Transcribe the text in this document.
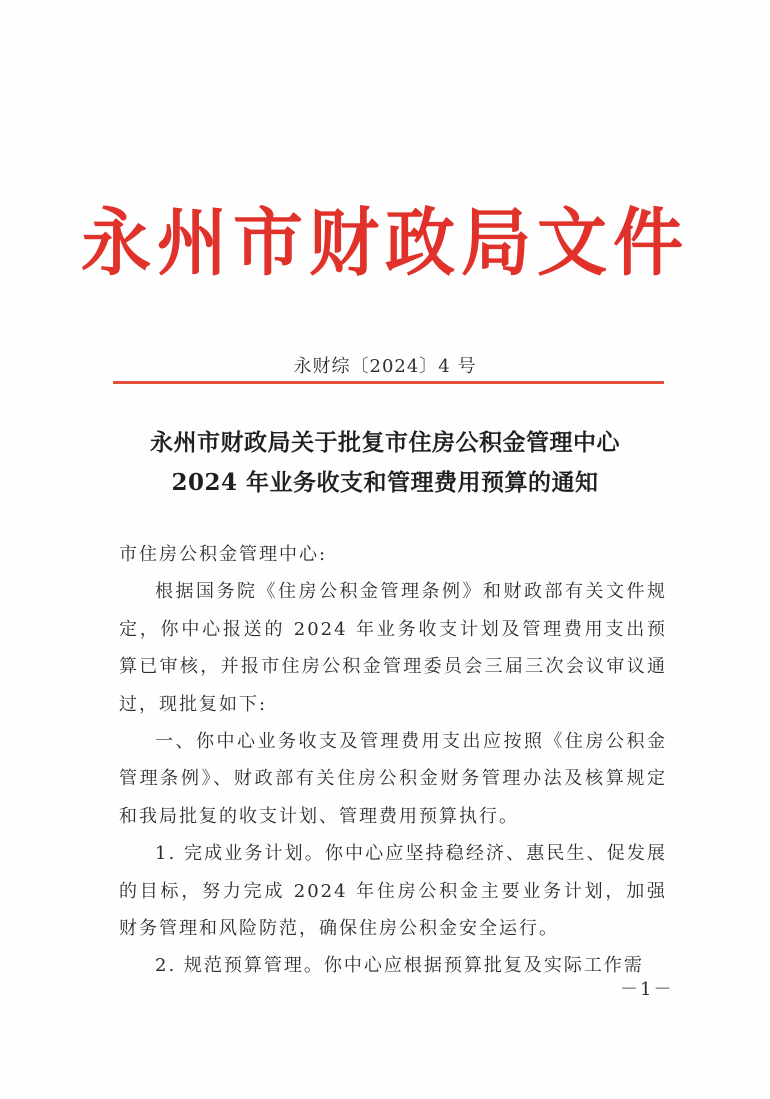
永州市财政局文件
永财综〔2024〕4 号
永州市财政局关于批复市住房公积金管理中心
2024 年业务收支和管理费用预算的通知

市住房公积金管理中心:

根据国务院《住房公积金管理条例》和财政部有关文件规定，你中心报送的 2024 年业务收支计划及管理费用支出预算已审核，并报市住房公积金管理委员会三届三次会议审议通过，现批复如下:

一、你中心业务收支及管理费用支出应按照《住房公积金管理条例》、财政部有关住房公积金财务管理办法及核算规定和我局批复的收支计划、管理费用预算执行。

1. 完成业务计划。你中心应坚持稳经济、惠民生、促发展的目标，努力完成 2024 年住房公积金主要业务计划，加强财务管理和风险防范，确保住房公积金安全运行。

2. 规范预算管理。你中心应根据预算批复及实际工作需

－1－
